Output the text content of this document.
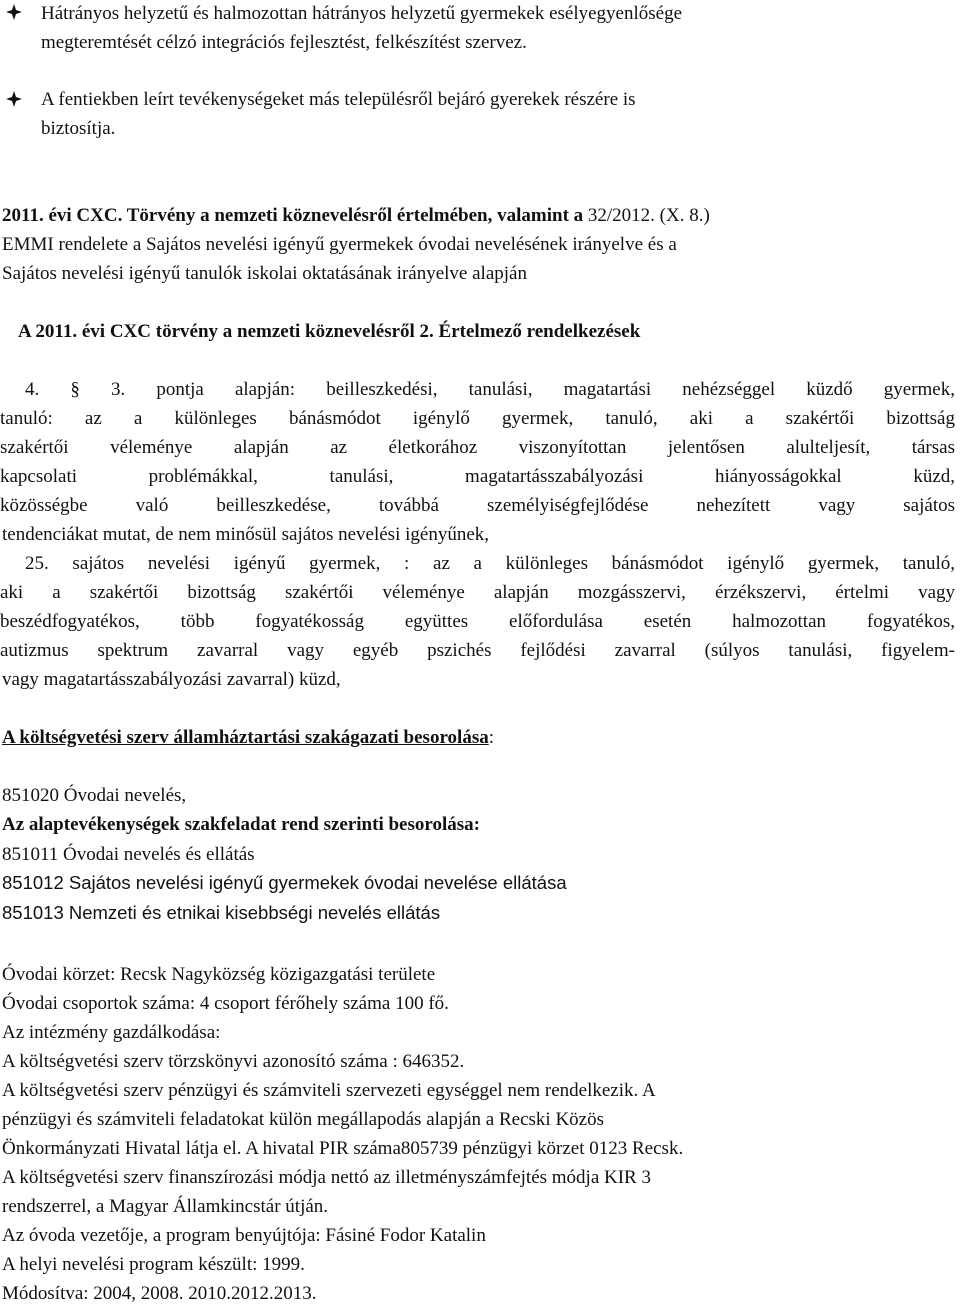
Hátrányos helyzetű és halmozottan hátrányos helyzetű gyermekek esélyegyenlősége
megteremtését célzó integrációs fejlesztést, felkészítést szervez.
A fentiekben leírt tevékenységeket más településről bejáró gyerekek részére is
biztosítja.
2011. évi CXC. Törvény a nemzeti köznevelésről értelmében, valamint a 32/2012. (X. 8.)
EMMI rendelete a Sajátos nevelési igényű gyermekek óvodai nevelésének irányelve és a
Sajátos nevelési igényű tanulók iskolai oktatásának irányelve alapján
A 2011. évi CXC törvény a nemzeti köznevelésről 2. Értelmező rendelkezések
4. § 3. pontja alapján: beilleszkedési, tanulási, magatartási nehézséggel küzdő gyermek,
tanuló: az a különleges bánásmódot igénylő gyermek, tanuló, aki a szakértői bizottság
szakértői véleménye alapján az életkorához viszonyítottan jelentősen alulteljesít, társas
kapcsolati problémákkal, tanulási, magatartásszabályozási hiányosságokkal küzd,
közösségbe való beilleszkedése, továbbá személyiségfejlődése nehezített vagy sajátos
tendenciákat mutat, de nem minősül sajátos nevelési igényűnek,
25. sajátos nevelési igényű gyermek, : az a különleges bánásmódot igénylő gyermek, tanuló,
aki a szakértői bizottság szakértői véleménye alapján mozgásszervi, érzékszervi, értelmi vagy
beszédfogyatékos, több fogyatékosság együttes előfordulása esetén halmozottan fogyatékos,
autizmus spektrum zavarral vagy egyéb pszichés fejlődési zavarral (súlyos tanulási, figyelem-
vagy magatartásszabályozási zavarral) küzd,
A költségvetési szerv államháztartási szakágazati besorolása:
851020 Óvodai nevelés,
Az alaptevékenységek szakfeladat rend szerinti besorolása:
851011 Óvodai nevelés és ellátás
851012 Sajátos nevelési igényű gyermekek óvodai nevelése ellátása
851013 Nemzeti és etnikai kisebbségi nevelés ellátás
Óvodai körzet: Recsk Nagyközség közigazgatási területe
Óvodai csoportok száma: 4 csoport férőhely száma 100 fő.
Az intézmény gazdálkodása:
A költségvetési szerv törzskönyvi azonosító száma : 646352.
A költségvetési szerv pénzügyi és számviteli szervezeti egységgel nem rendelkezik. A
pénzügyi és számviteli feladatokat külön megállapodás alapján a Recski Közös
Önkormányzati Hivatal látja el. A hivatal PIR száma805739 pénzügyi körzet 0123 Recsk.
A költségvetési szerv finanszírozási módja nettó az illetményszámfejtés módja KIR 3
rendszerrel, a Magyar Államkincstár útján.
Az óvoda vezetője, a program benyújtója: Fásiné Fodor Katalin
A helyi nevelési program készült: 1999.
Módosítva: 2004, 2008. 2010.2012.2013.
